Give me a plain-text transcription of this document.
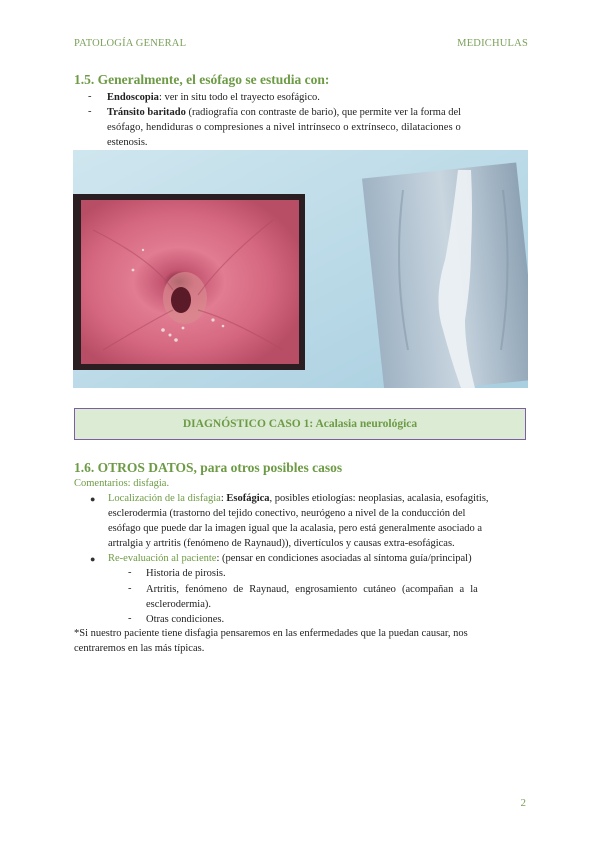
PATOLOGÍA GENERAL	MEDICHULAS
1.5. Generalmente, el esófago se estudia con:
- Endoscopia: ver in situ todo el trayecto esofágico.
- Tránsito baritado (radiografía con contraste de bario), que permite ver la forma del
esófago, hendiduras o compresiones a nivel intrínseco o extrínseco, dilataciones o
estenosis.
DIAGNÓSTICO CASO 1: Acalasia neurológica
1.6. OTROS DATOS, para otros posibles casos
Comentarios: disfagia.
● Localización de la disfagia: Esofágica, posibles etiologías: neoplasias, acalasia, esofagitis,
esclerodermia (trastorno del tejido conectivo, neurógeno a nivel de la conducción del
esófago que puede dar la imagen igual que la acalasia, pero está generalmente asociado a
artralgia y artritis (fenómeno de Raynaud)), divertículos y causas extra-esofágicas.
● Re-evaluación al paciente: (pensar en condiciones asociadas al síntoma guía/principal)
- Historia de pirosis.
- Artritis, fenómeno de Raynaud, engrosamiento cutáneo (acompañan a la
esclerodermia).
- Otras condiciones.
*Si nuestro paciente tiene disfagia pensaremos en las enfermedades que la puedan causar, nos
centraremos en las más típicas.
2
